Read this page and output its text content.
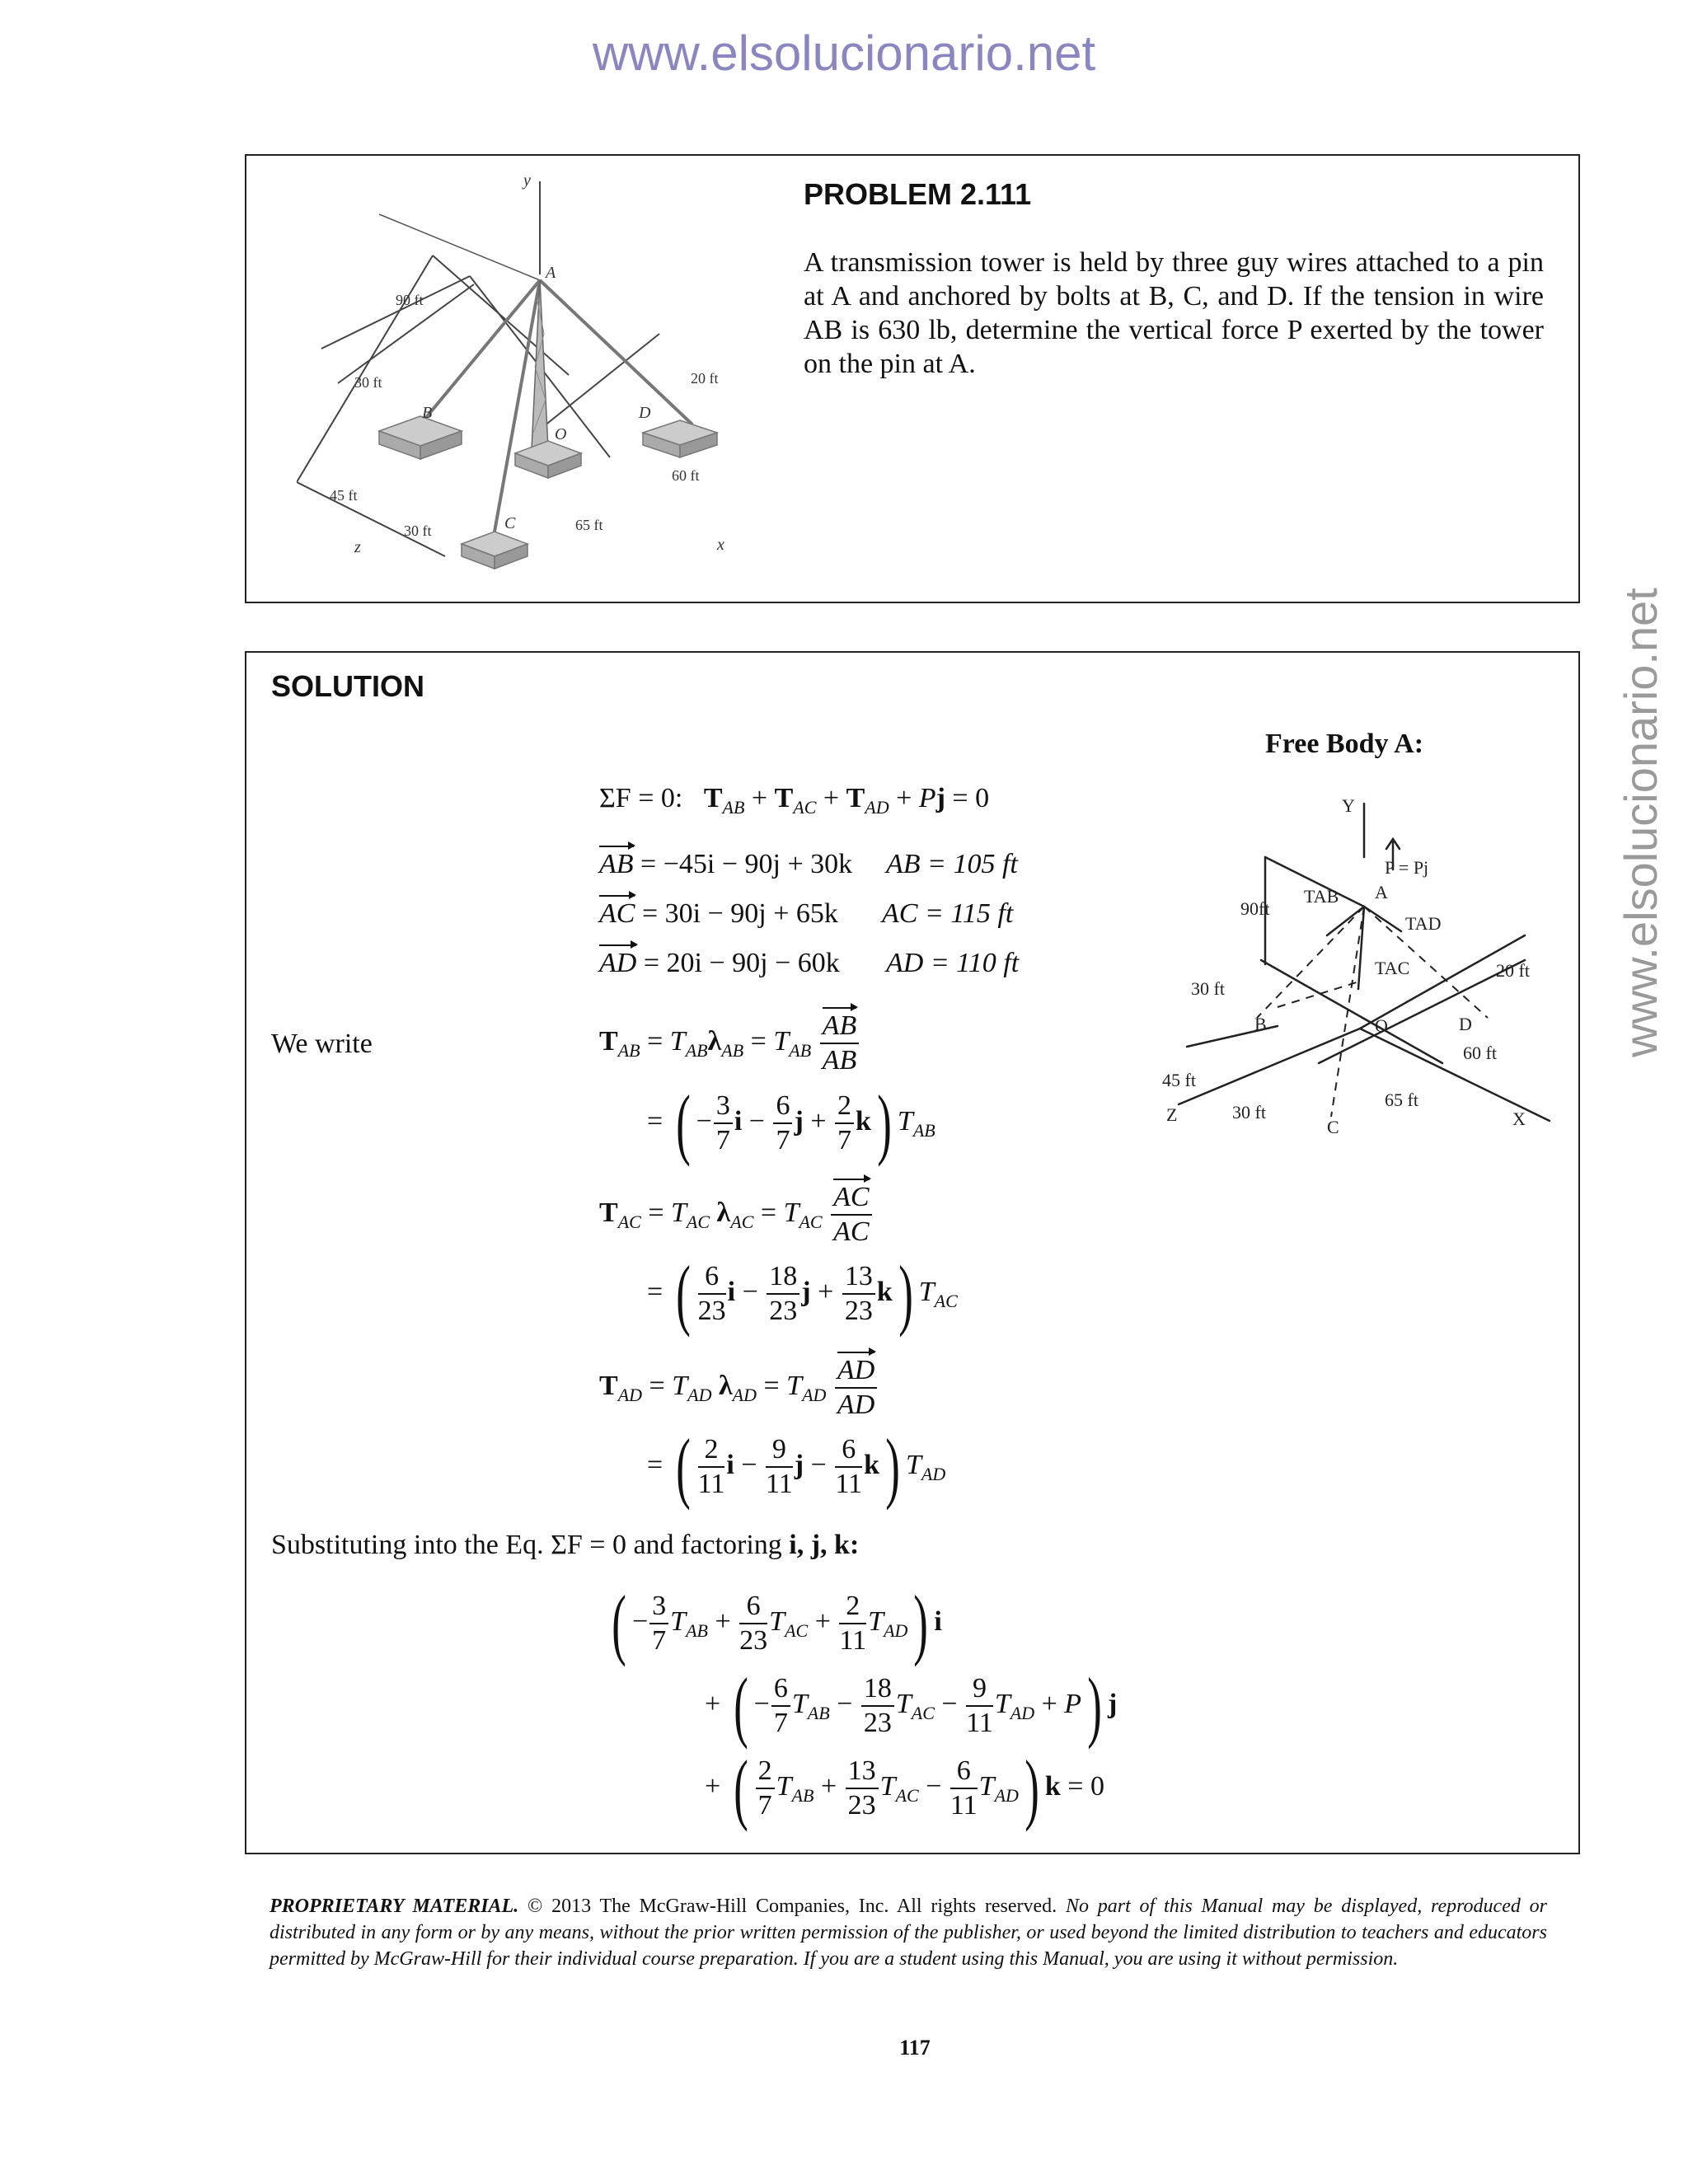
www.elsolucionario.net
www.elsolucionario.net
y
A
B	D
O
C
x
z
90 ft
30 ft	20 ft
60 ft
45 ft
30 ft	65 ft
PROBLEM 2.111
A transmission tower is held by three guy wires attached to a pin at A and anchored by bolts at B, C, and D. If the tension in wire AB is 630 lb, determine the vertical force P exerted by the tower on the pin at A.
SOLUTION
Free Body A:
Y
P = Pj
A
TAB
TAD
TAC
90ft
30 ft
B	O	D
20 ft
60 ft
45 ft
Z	30 ft
C
65 ft
X
ΣF = 0: $T_{AB} + T_{AC} + T_{AD} + Pj = 0$
AB = −45i − 90j + 30k AB = 105 ft
AC = 30i − 90j + 65k AC = 115 ft
AD = 20i − 90j − 60k AD = 110 ft
We write	$T_{AB} = T_{AB}\lambda_{AB} = T_{AB} \frac{AB}{AB}$
= ( − $\frac{3}{7}$ $i - \frac{6}{7}$ $j + \frac{2}{7} k$) $T_{AB}$
$T_{AC} = T_{AC}$ $\lambda_{AC} = T_{AC} \frac{AC}{AC}$
= ( $\frac{6}{23}$ $i - \frac{18}{23}$ $j + \frac{13}{23} k$) $T_{AC}$
$T_{AD} = T_{AD}$ $\lambda_{AD} = T_{AD} \frac{AD}{AD}$
= ( $\frac{2}{11}$ $i - \frac{9}{11}$ $j - \frac{6}{11} k$) $T_{AD}$
Substituting into the Eq. ΣF = 0 and factoring i, j, k:
( − $\frac{3}{7} T_{AB} + \frac{6}{23} T_{AC} + \frac{2}{11} T_{AD}$) i
+ ( − $\frac{6}{7} T_{AB} - \frac{18}{23} T_{AC} - \frac{9}{11} T_{AD} + P$) j
+ ( $\frac{2}{7} T_{AB} + \frac{13}{23} T_{AC} - \frac{6}{11} T_{AD}$) k = 0
PROPRIETARY MATERIAL. © 2013 The McGraw-Hill Companies, Inc. All rights reserved. No part of this Manual may be displayed, reproduced or distributed in any form or by any means, without the prior written permission of the publisher, or used beyond the limited distribution to teachers and educators permitted by McGraw-Hill for their individual course preparation. If you are a student using this Manual, you are using it without permission.
117
